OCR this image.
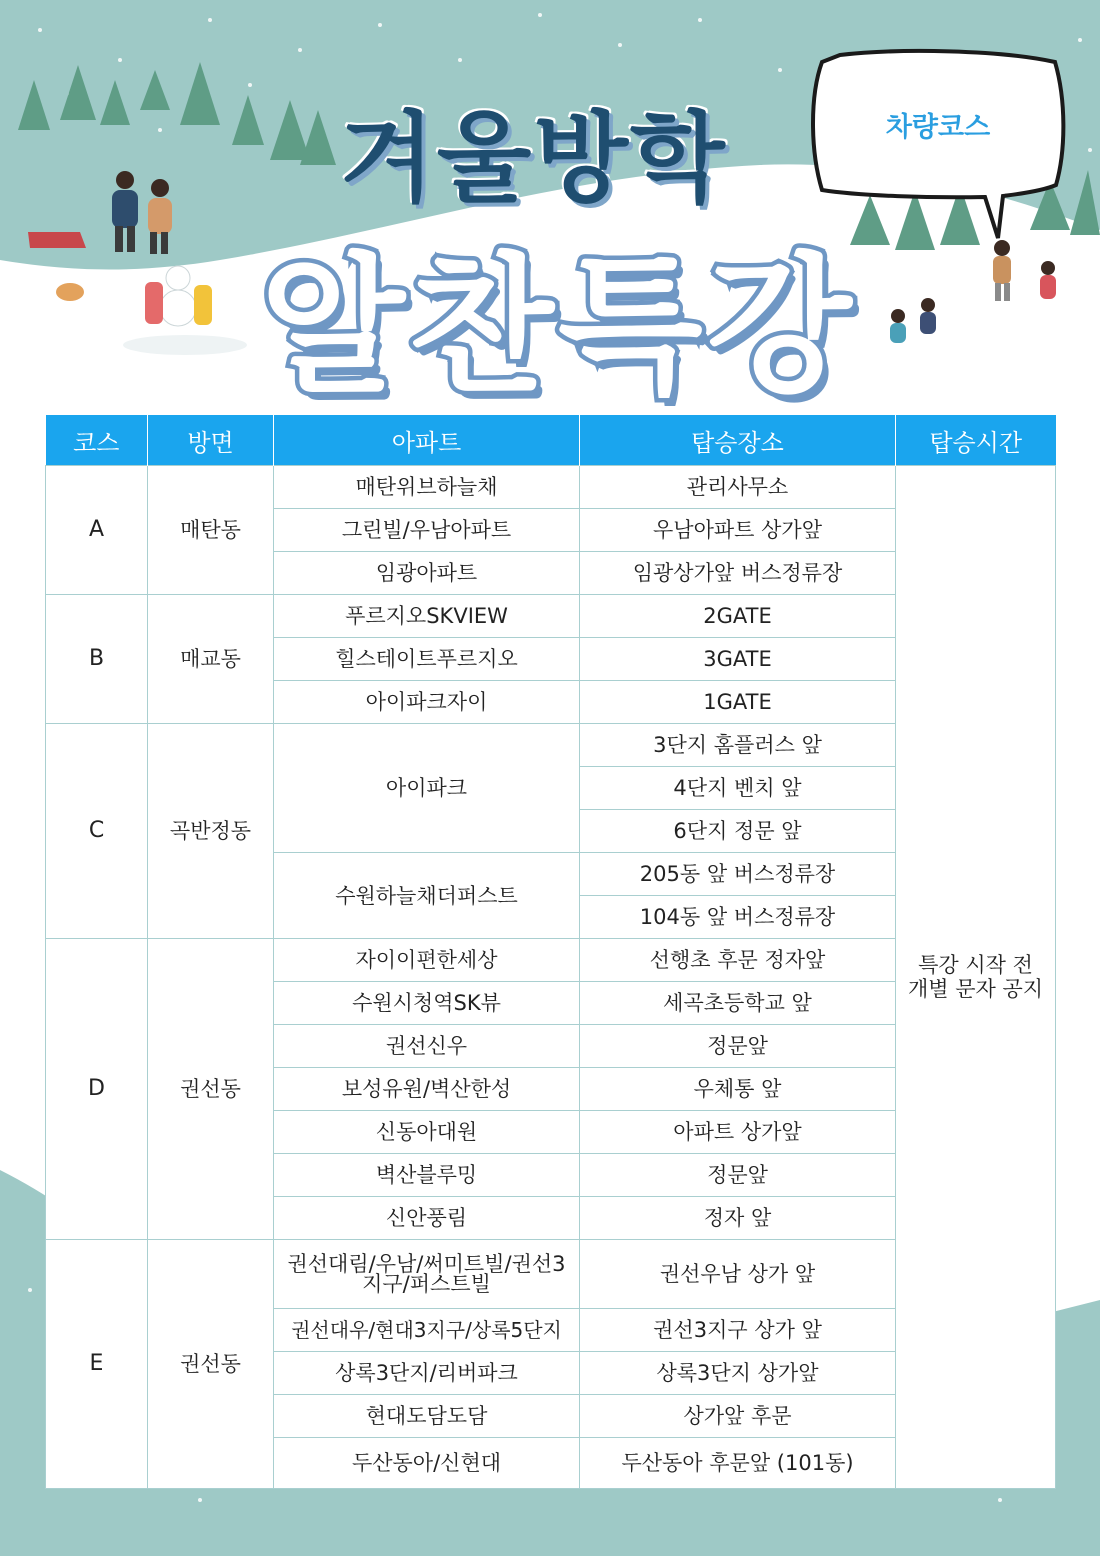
겨울방학
알찬특강
차량코스
코스	방면	아파트	탑승장소	탑승시간
A	매탄동	매탄위브하늘채	관리사무소	특강 시작 전
개별 문자 공지

		그린빌/우남아파트	우남아파트 상가앞	
		임광아파트	임광상가앞 버스정류장	
B	매교동	푸르지오SKVIEW	2GATE	
		힐스테이트푸르지오	3GATE	
		아이파크자이	1GATE	
C	곡반정동	아이파크	3단지 홈플러스 앞	
			4단지 벤치 앞	
			6단지 정문 앞	
		수원하늘채더퍼스트	205동 앞 버스정류장	
			104동 앞 버스정류장	
D	권선동	자이이편한세상	선행초 후문 정자앞	
		수원시청역SK뷰	세곡초등학교 앞	
		권선신우	정문앞	
		보성유원/벽산한성	우체통 앞	
		신동아대원	아파트 상가앞	
		벽산블루밍	정문앞	
		신안풍림	정자 앞	
E	권선동	권선대림/우남/써미트빌/권선3지구/퍼스트빌	권선우남 상가 앞	
		권선대우/현대3지구/상록5단지	권선3지구 상가 앞	
		상록3단지/리버파크	상록3단지 상가앞	
		현대도담도담	상가앞 후문	
		두산동아/신현대	두산동아 후문앞 (101동)	
